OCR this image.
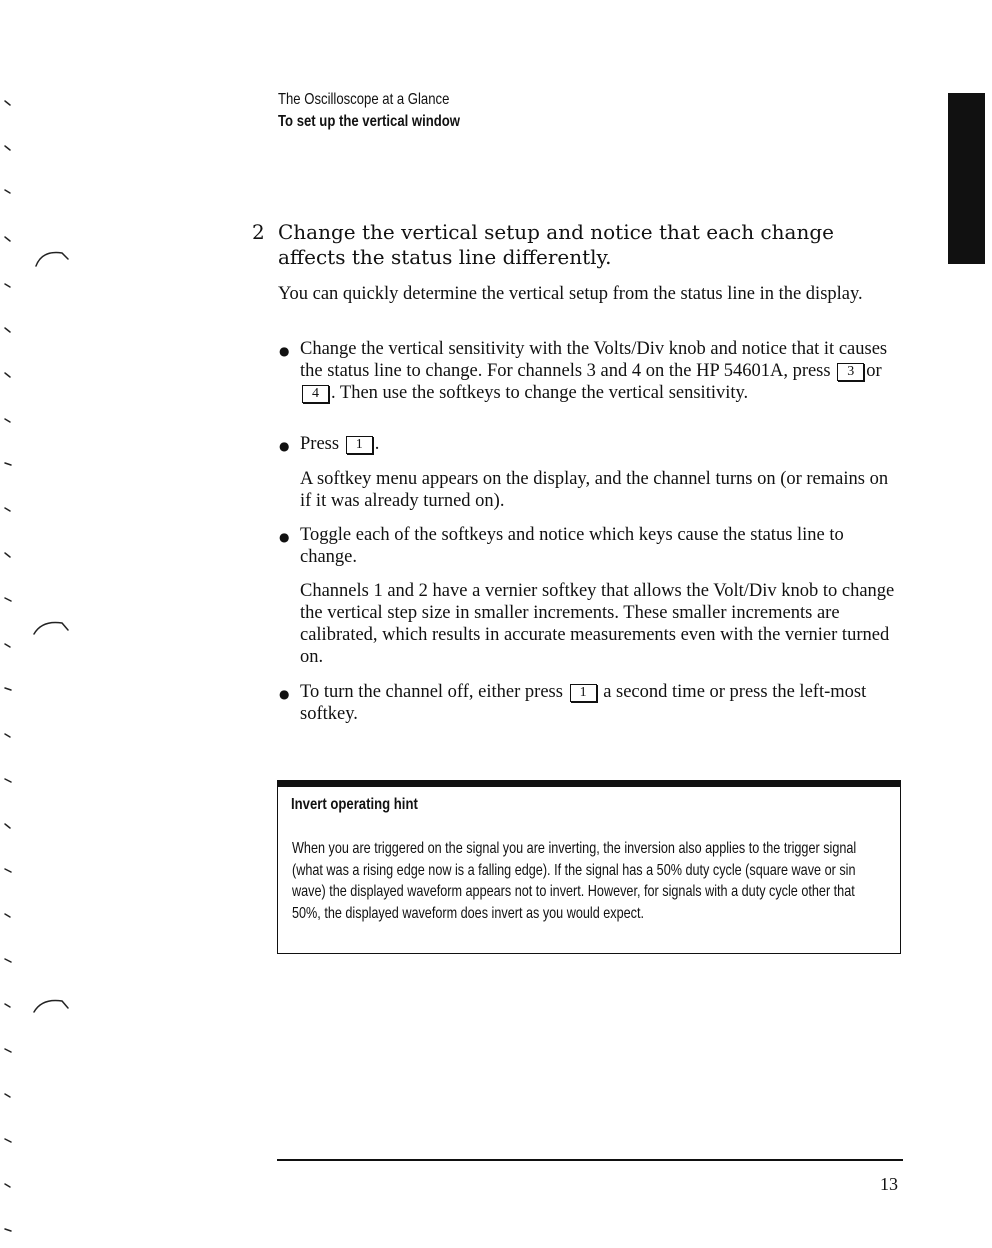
The Oscilloscope at a Glance
To set up the vertical window
2 Change the vertical setup and notice that each change affects the status line differently.
You can quickly determine the vertical setup from the status line in the display.
●
Change the vertical sensitivity with the Volts/Div knob and notice that it causes the status line to change. For channels 3 and 4 on the HP 54601A, press 3 or 4 . Then use the softkeys to change the vertical sensitivity.
●
Press 1 .
A softkey menu appears on the display, and the channel turns on (or remains on if it was already turned on).
●
Toggle each of the softkeys and notice which keys cause the status line to change.
Channels 1 and 2 have a vernier softkey that allows the Volt/Div knob to change the vertical step size in smaller increments. These smaller increments are calibrated, which results in accurate measurements even with the vernier turned on.
●
To turn the channel off, either press 1 a second time or press the left-most softkey.
Invert operating hint
When you are triggered on the signal you are inverting, the inversion also applies to the trigger signal (what was a rising edge now is a falling edge). If the signal has a 50% duty cycle (square wave or sin wave) the displayed waveform appears not to invert. However, for signals with a duty cycle other that 50%, the displayed waveform does invert as you would expect.
13
